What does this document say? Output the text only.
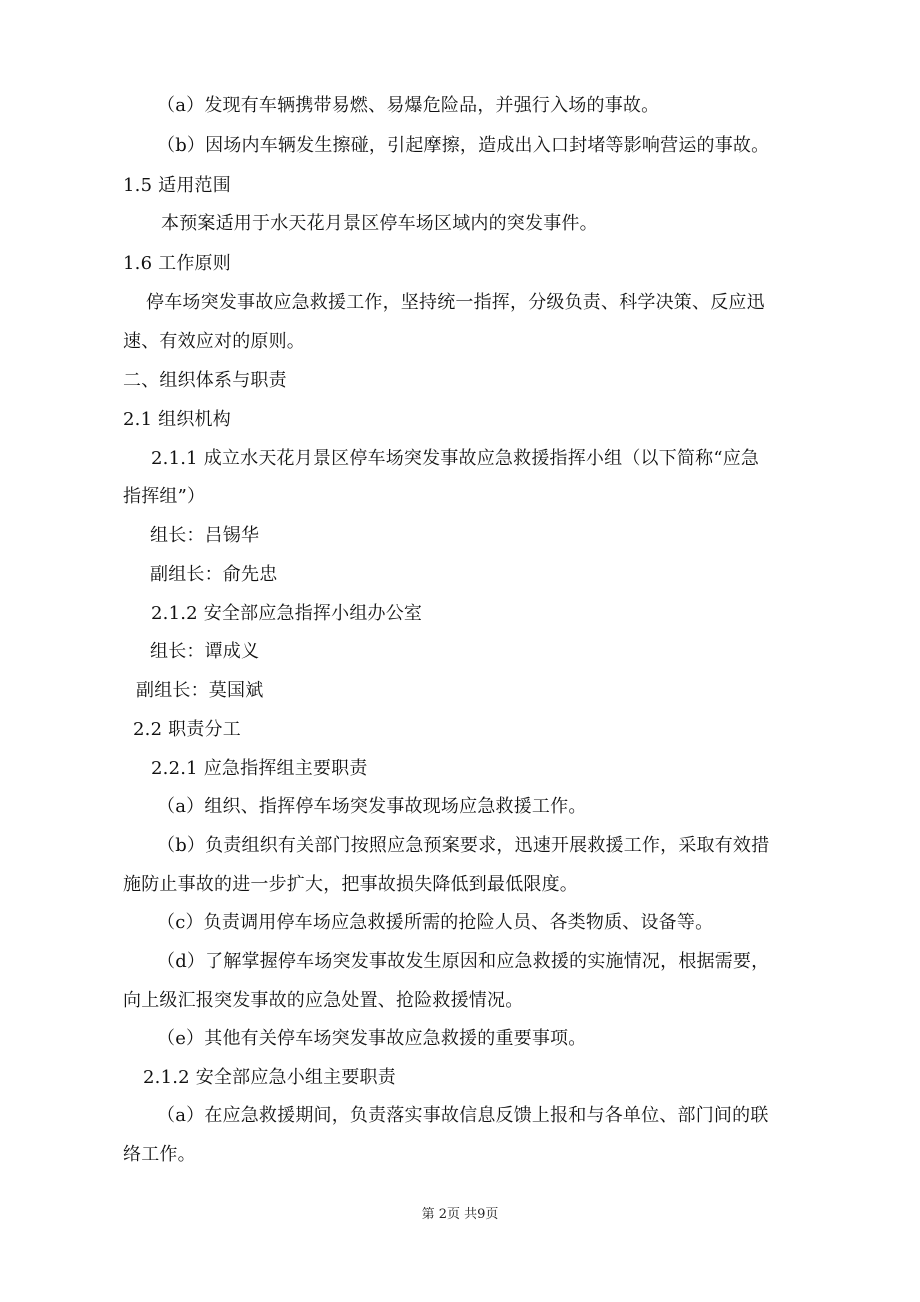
（a）发现有车辆携带易燃、易爆危险品，并强行入场的事故。
（b）因场内车辆发生擦碰，引起摩擦，造成出入口封堵等影响营运的事故。
1.5 适用范围
本预案适用于水天花月景区停车场区域内的突发事件。
1.6 工作原则
停车场突发事故应急救援工作，坚持统一指挥，分级负责、科学决策、反应迅
速、有效应对的原则。
二、组织体系与职责
2.1 组织机构
2.1.1 成立水天花月景区停车场突发事故应急救援指挥小组（以下简称“应急
指挥组”）
组长：吕锡华
副组长：俞先忠
2.1.2 安全部应急指挥小组办公室
组长：谭成义
副组长：莫国斌
2.2 职责分工
2.2.1 应急指挥组主要职责
（a）组织、指挥停车场突发事故现场应急救援工作。
（b）负责组织有关部门按照应急预案要求，迅速开展救援工作，采取有效措
施防止事故的进一步扩大，把事故损失降低到最低限度。
（c）负责调用停车场应急救援所需的抢险人员、各类物质、设备等。
（d）了解掌握停车场突发事故发生原因和应急救援的实施情况，根据需要，
向上级汇报突发事故的应急处置、抢险救援情况。
（e）其他有关停车场突发事故应急救援的重要事项。
2.1.2 安全部应急小组主要职责
（a）在应急救援期间，负责落实事故信息反馈上报和与各单位、部门间的联
络工作。
第 2页 共9页
